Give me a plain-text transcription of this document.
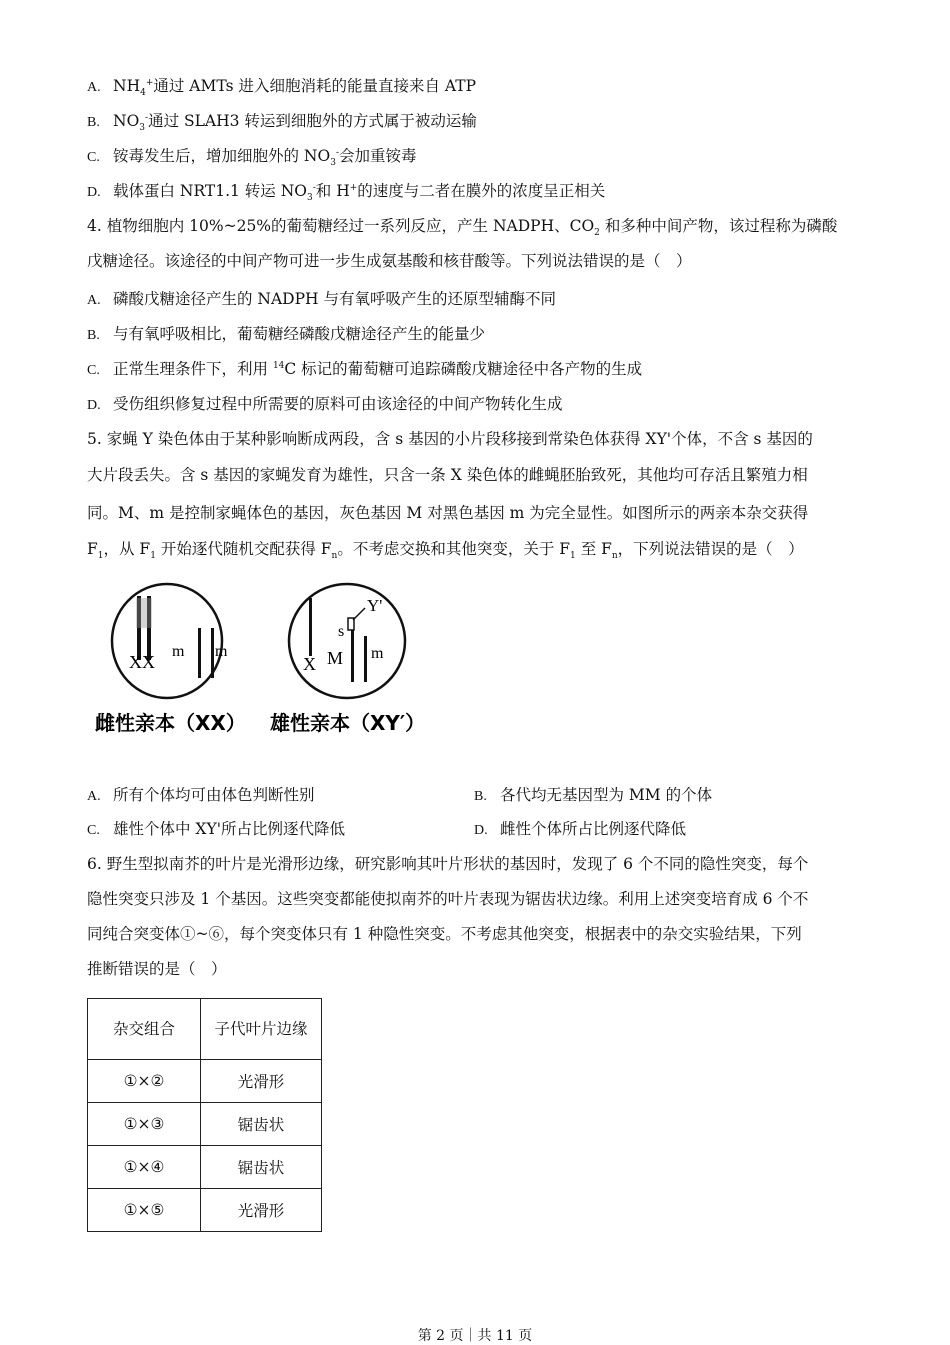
A. $NH_4^+$通过 AMTs 进入细胞消耗的能量直接来自 ATP
B. $NO_3^-$通过 SLAH3 转运到细胞外的方式属于被动运输
C. 铵毒发生后，增加细胞外的 $NO_3^-$会加重铵毒
D. 载体蛋白 NRT1.1 转运 $NO_3^-$和 H+的速度与二者在膜外的浓度呈正相关
4. 植物细胞内 10%~25%的葡萄糖经过一系列反应，产生 NADPH、$CO_2$ 和多种中间产物，该过程称为磷酸
戊糖途径。该途径的中间产物可进一步生成氨基酸和核苷酸等。下列说法错误的是（　）
A. 磷酸戊糖途径产生的 NADPH 与有氧呼吸产生的还原型辅酶不同
B. 与有氧呼吸相比，葡萄糖经磷酸戊糖途径产生的能量少
C. 正常生理条件下，利用 $^{14}$C 标记的葡萄糖可追踪磷酸戊糖途径中各产物的生成
D. 受伤组织修复过程中所需要的原料可由该途径的中间产物转化生成
5. 家蝇 Y 染色体由于某种影响断成两段，含 s 基因的小片段移接到常染色体获得 XY'个体，不含 s 基因的
大片段丢失。含 s 基因的家蝇发育为雄性，只含一条 X 染色体的雌蝇胚胎致死，其他均可存活且繁殖力相
同。M、m 是控制家蝇体色的基因，灰色基因 M 对黑色基因 m 为完全显性。如图所示的两亲本杂交获得
$F_1$，从 $F_1$ 开始逐代随机交配获得 $F_n$。不考虑交换和其他突变，关于 $F_1$ 至 $F_n$，下列说法错误的是（　）
A. 所有个体均可由体色判断性别
C. 雄性个体中 XY'所占比例逐代降低
6. 野生型拟南芥的叶片是光滑形边缘，研究影响其叶片形状的基因时，发现了 6 个不同的隐性突变，每个
隐性突变只涉及 1 个基因。这些突变都能使拟南芥的叶片表现为锯齿状边缘。利用上述突变培育成 6 个不
同纯合突变体①~⑥，每个突变体只有 1 种隐性突变。不考虑其他突变，根据表中的杂交实验结果，下列
推断错误的是（　）
B. 各代均无基因型为 MM 的个体
D. 雌性个体所占比例逐代降低
XX
m m
X M m
s
Y'
雌性亲本（XX） 雄性亲本（XY′）
杂交组合	子代叶片边缘
①×②	光滑形
①×③	锯齿状
①×④	锯齿状
①×⑤	光滑形
第 2 页｜共 11 页
